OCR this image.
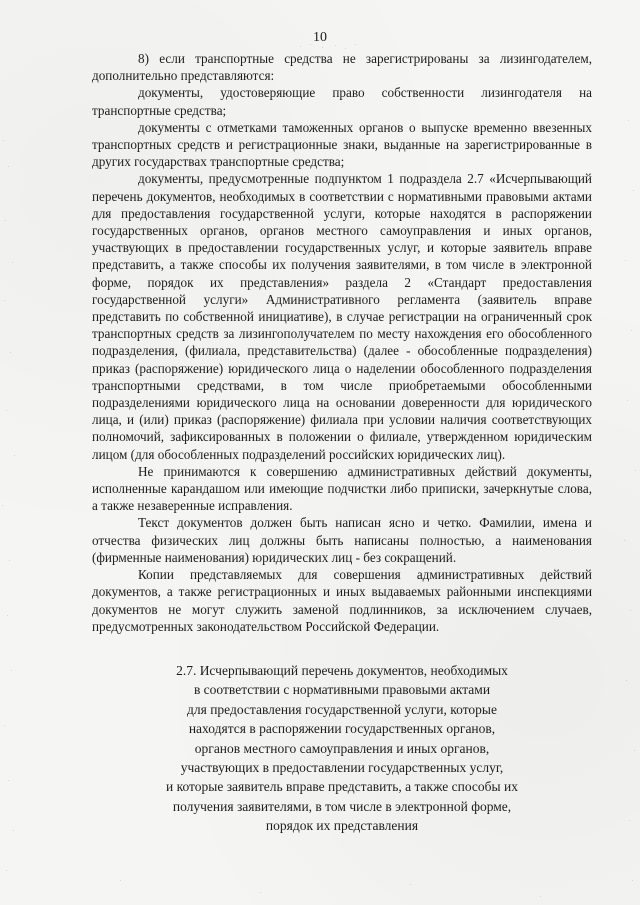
10

8) если транспортные средства не зарегистрированы за лизингодателем, дополнительно представляются:

документы, удостоверяющие право собственности лизингодателя на транспортные средства;

документы с отметками таможенных органов о выпуске временно ввезенных транспортных средств и регистрационные знаки, выданные на зарегистрированные в других государствах транспортные средства;

документы, предусмотренные подпунктом 1 подраздела 2.7 «Исчерпывающий перечень документов, необходимых в соответствии с нормативными правовыми актами для предоставления государственной услуги, которые находятся в распоряжении государственных органов, органов местного самоуправления и иных органов, участвующих в предоставлении государственных услуг, и которые заявитель вправе представить, а также способы их получения заявителями, в том числе в электронной форме, порядок их представления» раздела 2 «Стандарт предоставления государственной услуги» Административного регламента (заявитель вправе представить по собственной инициативе), в случае регистрации на ограниченный срок транспортных средств за лизингополучателем по месту нахождения его обособленного подразделения, (филиала, представительства) (далее - обособленные подразделения) приказ (распоряжение) юридического лица о наделении обособленного подразделения транспортными средствами, в том числе приобретаемыми обособленными подразделениями юридического лица на основании доверенности для юридического лица, и (или) приказ (распоряжение) филиала при условии наличия соответствующих полномочий, зафиксированных в положении о филиале, утвержденном юридическим лицом (для обособленных подразделений российских юридических лиц).

Не принимаются к совершению административных действий документы, исполненные карандашом или имеющие подчистки либо приписки, зачеркнутые слова, а также незаверенные исправления.

Текст документов должен быть написан ясно и четко. Фамилии, имена и отчества физических лиц должны быть написаны полностью, а наименования (фирменные наименования) юридических лиц - без сокращений.

Копии представляемых для совершения административных действий документов, а также регистрационных и иных выдаваемых районными инспекциями документов не могут служить заменой подлинников, за исключением случаев, предусмотренных законодательством Российской Федерации.

2.7. Исчерпывающий перечень документов, необходимых
в соответствии с нормативными правовыми актами
для предоставления государственной услуги, которые
находятся в распоряжении государственных органов,
органов местного самоуправления и иных органов,
участвующих в предоставлении государственных услуг,
и которые заявитель вправе представить, а также способы их
получения заявителями, в том числе в электронной форме,
порядок их представления
